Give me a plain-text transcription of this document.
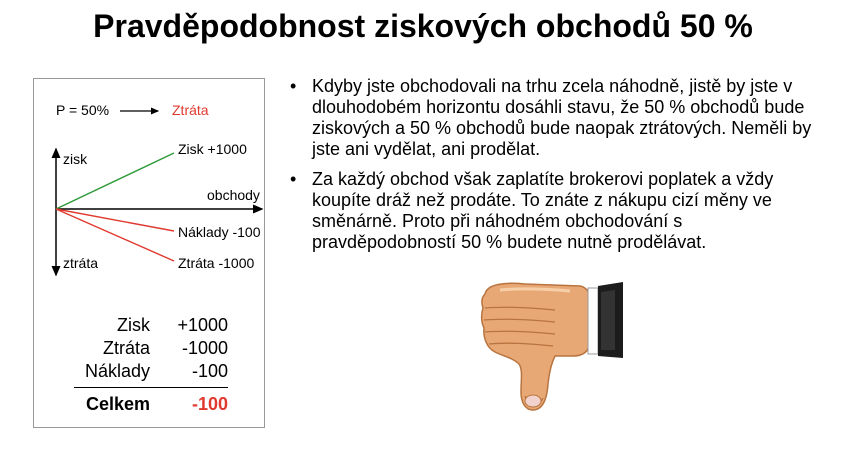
Pravděpodobnost ziskových obchodů 50 %
P = 50%	Ztráta
zisk
ztráta
obchody
Zisk +1000
Náklady -100
Ztráta -1000
Zisk +1000
Ztráta -1000
Náklady -100
Celkem -100
• Kdyby jste obchodovali na trhu zcela náhodně, jistě by jste v dlouhodobém horizontu dosáhli stavu, že 50 % obchodů bude ziskových a 50 % obchodů bude naopak ztrátových. Neměli by jste ani vydělat, ani prodělat.
• Za každý obchod však zaplatíte brokerovi poplatek a vždy koupíte dráž než prodáte. To znáte z nákupu cizí měny ve směnárně. Proto při náhodném obchodování s pravděpodobností 50 % budete nutně prodělávat.
